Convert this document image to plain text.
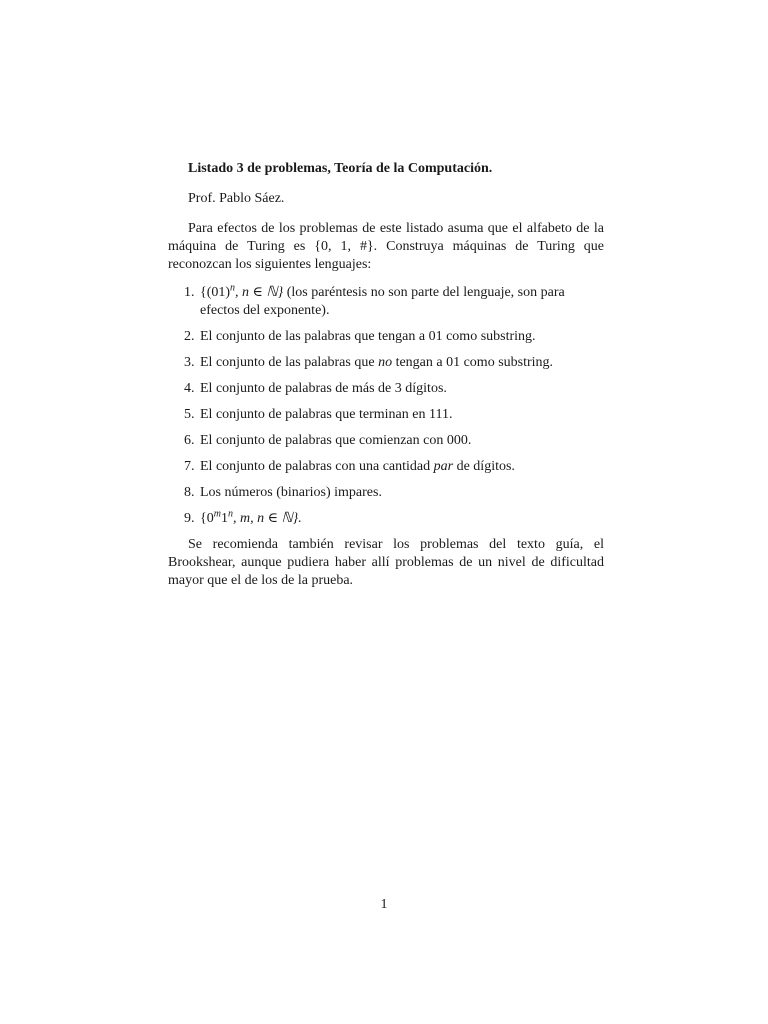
Listado 3 de problemas, Teoría de la Computación.

Prof. Pablo Sáez.

Para efectos de los problemas de este listado asuma que el alfabeto de la máquina de Turing es {0, 1, #}. Construya máquinas de Turing que reconozcan los siguientes lenguajes:

1. {$(01)^n$, n ∈ ℕ} (los paréntesis no son parte del lenguaje, son para efectos del exponente).
2. El conjunto de las palabras que tengan a 01 como substring.
3. El conjunto de las palabras que no tengan a 01 como substring.
4. El conjunto de palabras de más de 3 dígitos.
5. El conjunto de palabras que terminan en 111.
6. El conjunto de palabras que comienzan con 000.
7. El conjunto de palabras con una cantidad par de dígitos.
8. Los números (binarios) impares.
9. {0$^m$1$^n$, m, n ∈ ℕ}.

Se recomienda también revisar los problemas del texto guía, el Brookshear, aunque pudiera haber allí problemas de un nivel de dificultad mayor que el de los de la prueba.

1
